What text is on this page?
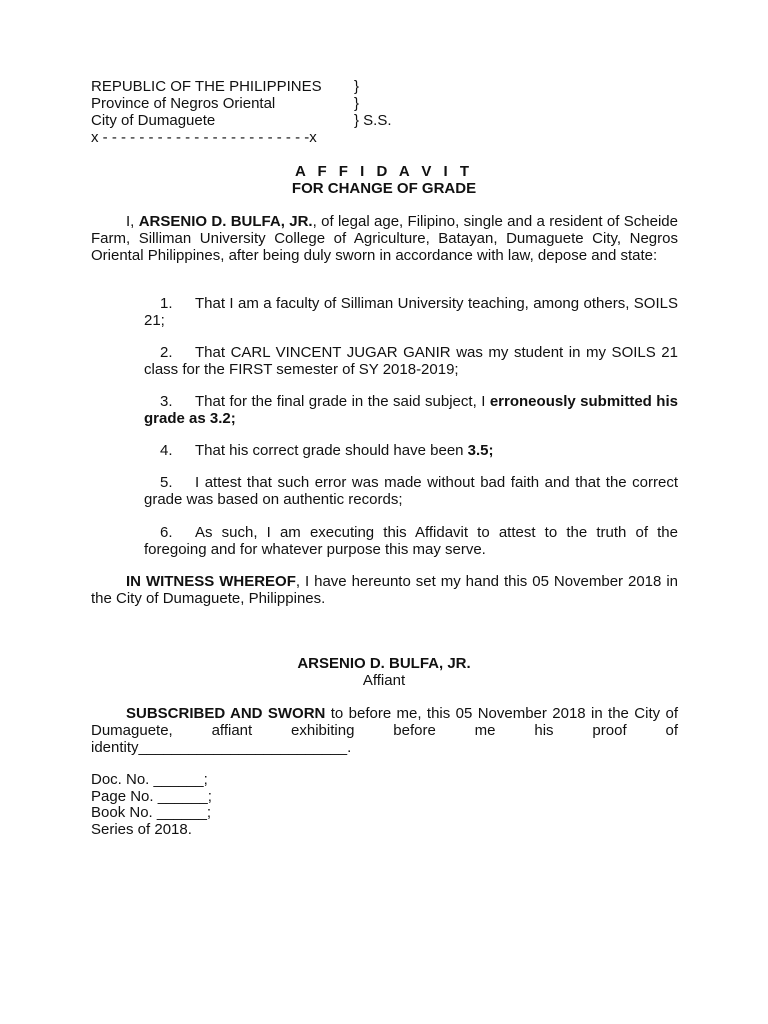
REPUBLIC OF THE PHILIPPINES }
Province of Negros Oriental	}
City of Dumaguete	} S.S.
x - - - - - - - - - - - - - - - - - - - - - - -x
A F F I D A V I T
FOR CHANGE OF GRADE

I, ARSENIO D. BULFA, JR., of legal age, Filipino, single and a resident of Scheide Farm, Silliman University College of Agriculture, Batayan, Dumaguete City, Negros Oriental Philippines, after being duly sworn in accordance with law, depose and state:

1. That I am a faculty of Silliman University teaching, among others, SOILS 21;

2. That CARL VINCENT JUGAR GANIR was my student in my SOILS 21 class for the FIRST semester of SY 2018-2019;

3. That for the final grade in the said subject, I erroneously submitted his grade as 3.2;

4. That his correct grade should have been 3.5;

5. I attest that such error was made without bad faith and that the correct grade was based on authentic records;

6. As such, I am executing this Affidavit to attest to the truth of the foregoing and for whatever purpose this may serve.

IN WITNESS WHEREOF, I have hereunto set my hand this 05 November 2018 in the City of Dumaguete, Philippines.

ARSENIO D. BULFA, JR.
Affiant

SUBSCRIBED AND SWORN to before me, this 05 November 2018 in the City of Dumaguete, affiant exhibiting before me his proof of identity_________________________.

Doc. No. ______;
Page No. ______;
Book No. ______;
Series of 2018.
